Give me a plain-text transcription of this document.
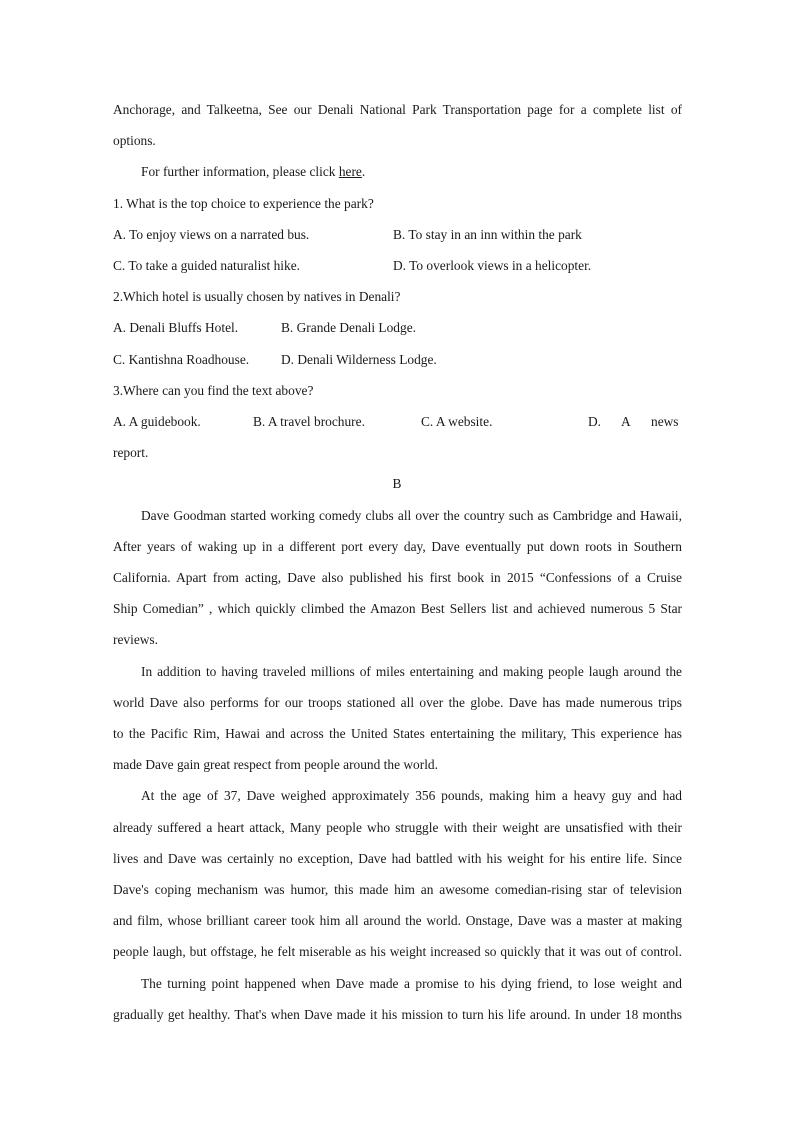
Anchorage, and Talkeetna, See our Denali National Park Transportation page for a complete list of
options.
For further information, please click here.
1. What is the top choice to experience the park?
A. To enjoy views on a narrated bus.	B. To stay in an inn within the park
C. To take a guided naturalist hike.	D. To overlook views in a helicopter.
2.Which hotel is usually chosen by natives in Denali?
A. Denali Bluffs Hotel.	B. Grande Denali Lodge.
C. Kantishna Roadhouse. D. Denali Wilderness Lodge.
3.Where can you find the text above?
A. A guidebook.	B. A travel brochure.	C. A website.	D. A news
report.
B
Dave Goodman started working comedy clubs all over the country such as Cambridge and Hawaii,
After years of waking up in a different port every day, Dave eventually put down roots in Southern
California. Apart from acting, Dave also published his first book in 2015 “Confessions of a Cruise
Ship Comedian” , which quickly climbed the Amazon Best Sellers list and achieved numerous 5 Star
reviews.
In addition to having traveled millions of miles entertaining and making people laugh around the
world Dave also performs for our troops stationed all over the globe. Dave has made numerous trips
to the Pacific Rim, Hawai and across the United States entertaining the military, This experience has
made Dave gain great respect from people around the world.
At the age of 37, Dave weighed approximately 356 pounds, making him a heavy guy and had
already suffered a heart attack, Many people who struggle with their weight are unsatisfied with their
lives and Dave was certainly no exception, Dave had battled with his weight for his entire life. Since
Dave's coping mechanism was humor, this made him an awesome comedian-rising star of television
and film, whose brilliant career took him all around the world. Onstage, Dave was a master at making
people laugh, but offstage, he felt miserable as his weight increased so quickly that it was out of control.
The turning point happened when Dave made a promise to his dying friend, to lose weight and
gradually get healthy. That's when Dave made it his mission to turn his life around. In under 18 months
